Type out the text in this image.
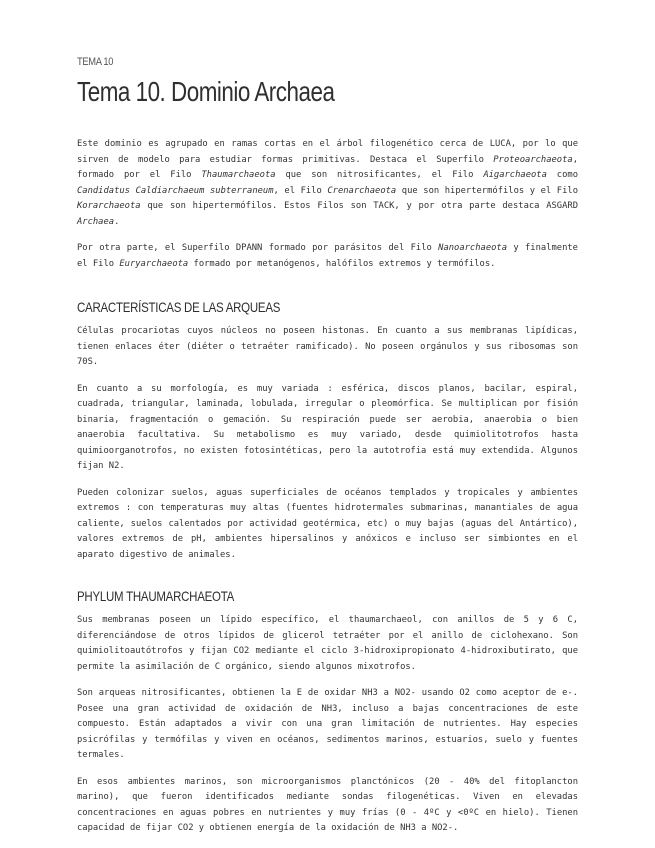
TEMA 10

Tema 10. Dominio Archaea

Este dominio es agrupado en ramas cortas en el árbol filogenético cerca de LUCA, por lo que sirven de modelo para estudiar formas primitivas. Destaca el Superfilo Proteoarchaeota, formado por el Filo Thaumarchaeota que son nitrosificantes, el Filo Aigarchaeota como Candidatus Caldiarchaeum subterraneum, el Filo Crenarchaeota que son hipertermófilos y el Filo Korarchaeota que son hipertermófilos. Estos Filos son TACK, y por otra parte destaca ASGARD Archaea.

Por otra parte, el Superfilo DPANN formado por parásitos del Filo Nanoarchaeota y finalmente el Filo Euryarchaeota formado por metanógenos, halófilos extremos y termófilos.

CARACTERÍSTICAS DE LAS ARQUEAS

Células procariotas cuyos núcleos no poseen histonas. En cuanto a sus membranas lipídicas, tienen enlaces éter (diéter o tetraéter ramificado). No poseen orgánulos y sus ribosomas son 70S.

En cuanto a su morfología, es muy variada : esférica, discos planos, bacilar, espiral, cuadrada, triangular, laminada, lobulada, irregular o pleomórfica. Se multiplican por fisión binaria, fragmentación o gemación. Su respiración puede ser aerobia, anaerobia o bien anaerobia facultativa. Su metabolismo es muy variado, desde quimiolitotrofos hasta quimioorganotrofos, no existen fotosintéticas, pero la autotrofia está muy extendida. Algunos fijan N2.

Pueden colonizar suelos, aguas superficiales de océanos templados y tropicales y ambientes extremos : con temperaturas muy altas (fuentes hidrotermales submarinas, manantiales de agua caliente, suelos calentados por actividad geotérmica, etc) o muy bajas (aguas del Antártico), valores extremos de pH, ambientes hipersalinos y anóxicos e incluso ser simbiontes en el aparato digestivo de animales.

PHYLUM THAUMARCHAEOTA

Sus membranas poseen un lípido específico, el thaumarchaeol, con anillos de 5 y 6 C, diferenciándose de otros lípidos de glicerol tetraéter por el anillo de ciclohexano. Son quimiolitoautótrofos y fijan CO2 mediante el ciclo 3-hidroxipropionato 4-hidroxibutirato, que permite la asimilación de C orgánico, siendo algunos mixotrofos.

Son arqueas nitrosificantes, obtienen la E de oxidar NH3 a NO2- usando O2 como aceptor de e-. Posee una gran actividad de oxidación de NH3, incluso a bajas concentraciones de este compuesto. Están adaptados a vivir con una gran limitación de nutrientes. Hay especies psicrófilas y termófilas y viven en océanos, sedimentos marinos, estuarios, suelo y fuentes termales.

En esos ambientes marinos, son microorganismos planctónicos (20 - 40% del fitoplancton marino), que fueron identificados mediante sondas filogenéticas. Viven en elevadas concentraciones en aguas pobres en nutrientes y muy frías (0 - 4ºC y <0ºC en hielo). Tienen capacidad de fijar CO2 y obtienen energía de la oxidación de NH3 a NO2-.
